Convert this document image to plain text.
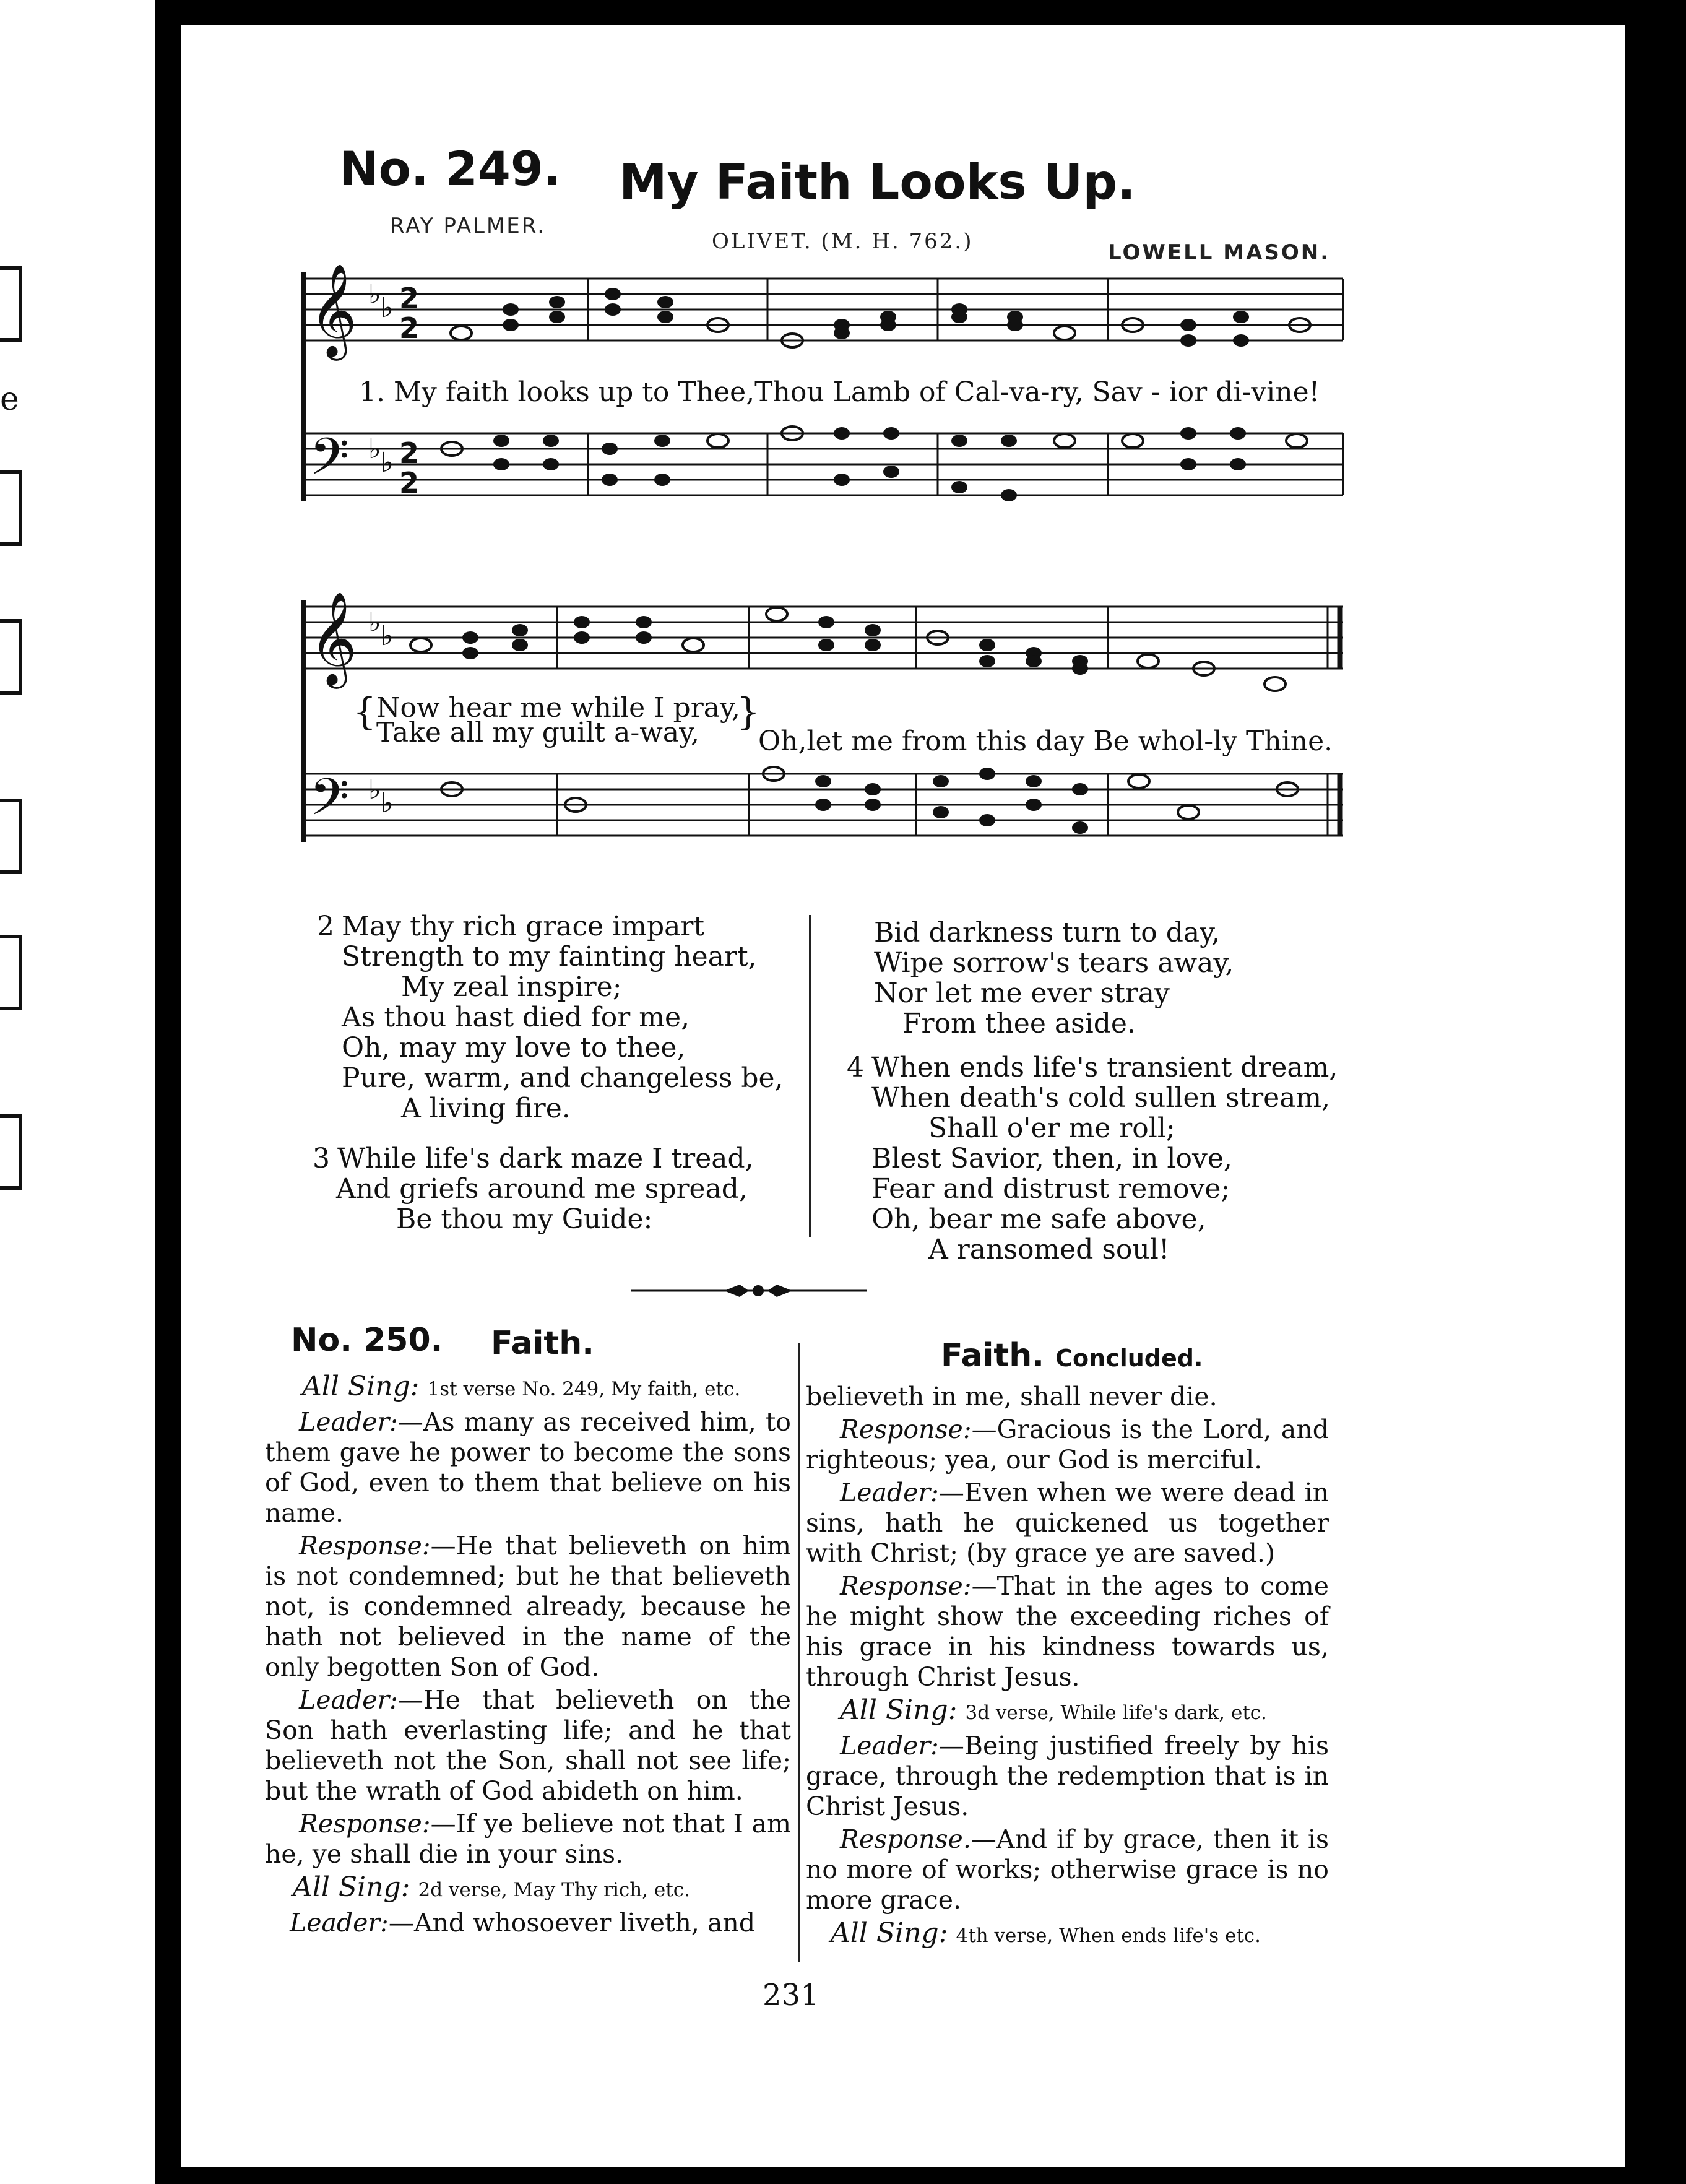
e
No. 249. My Faith Looks Up.
RAY PALMER.
OLIVET. (M. H. 762.)	LOWELL MASON.
𝄞
𝄢
♭ ♭
♭ ♭
2
2
2
2
1. My faith looks up to Thee,Thou Lamb of Cal-va-ry, Sav - ior di-vine!
𝄞
𝄢
♭ ♭
♭ ♭
{ Now hear me while I pray,
Take all my guilt a-way, }
Oh,let me from this day Be whol-ly Thine.
2 May thy rich grace impart
Strength to my fainting heart,
My zeal inspire;
As thou hast died for me,
Oh, may my love to thee,
Pure, warm, and changeless be,
A living fire.
3 While life's dark maze I tread,
And griefs around me spread,
Be thou my Guide:
Bid darkness turn to day,
Wipe sorrow's tears away,
Nor let me ever stray
From thee aside.
4 When ends life's transient dream,
When death's cold sullen stream,
Shall o'er me roll;
Blest Savior, then, in love,
Fear and distrust remove;
Oh, bear me safe above,
A ransomed soul!
No. 250. Faith.	Faith. Concluded.

All Sing: 1st verse No. 249, My faith, etc.

Leader:—As many as received him, to them gave he power to become the sons of God, even to them that believe on his name.

Response:—He that believeth on him is not condemned; but he that believeth not, is condemned already, because he hath not believed in the name of the only begotten Son of God.

Leader:—He that believeth on the Son hath everlasting life; and he that believeth not the Son, shall not see life; but the wrath of God abideth on him.

Response:—If ye believe not that I am he, ye shall die in your sins.

All Sing: 2d verse, May Thy rich, etc.

Leader:—And whosoever liveth, and

believeth in me, shall never die.

Response:—Gracious is the Lord, and righteous; yea, our God is merciful.

Leader:—Even when we were dead in sins, hath he quickened us together with Christ; (by grace ye are saved.)

Response:—That in the ages to come he might show the exceeding riches of his grace in his kindness towards us, through Christ Jesus.

All Sing: 3d verse, While life's dark, etc.

Leader:—Being justified freely by his grace, through the redemption that is in Christ Jesus.

Response.—And if by grace, then it is no more of works; otherwise grace is no more grace.

All Sing: 4th verse, When ends life's etc.

231
